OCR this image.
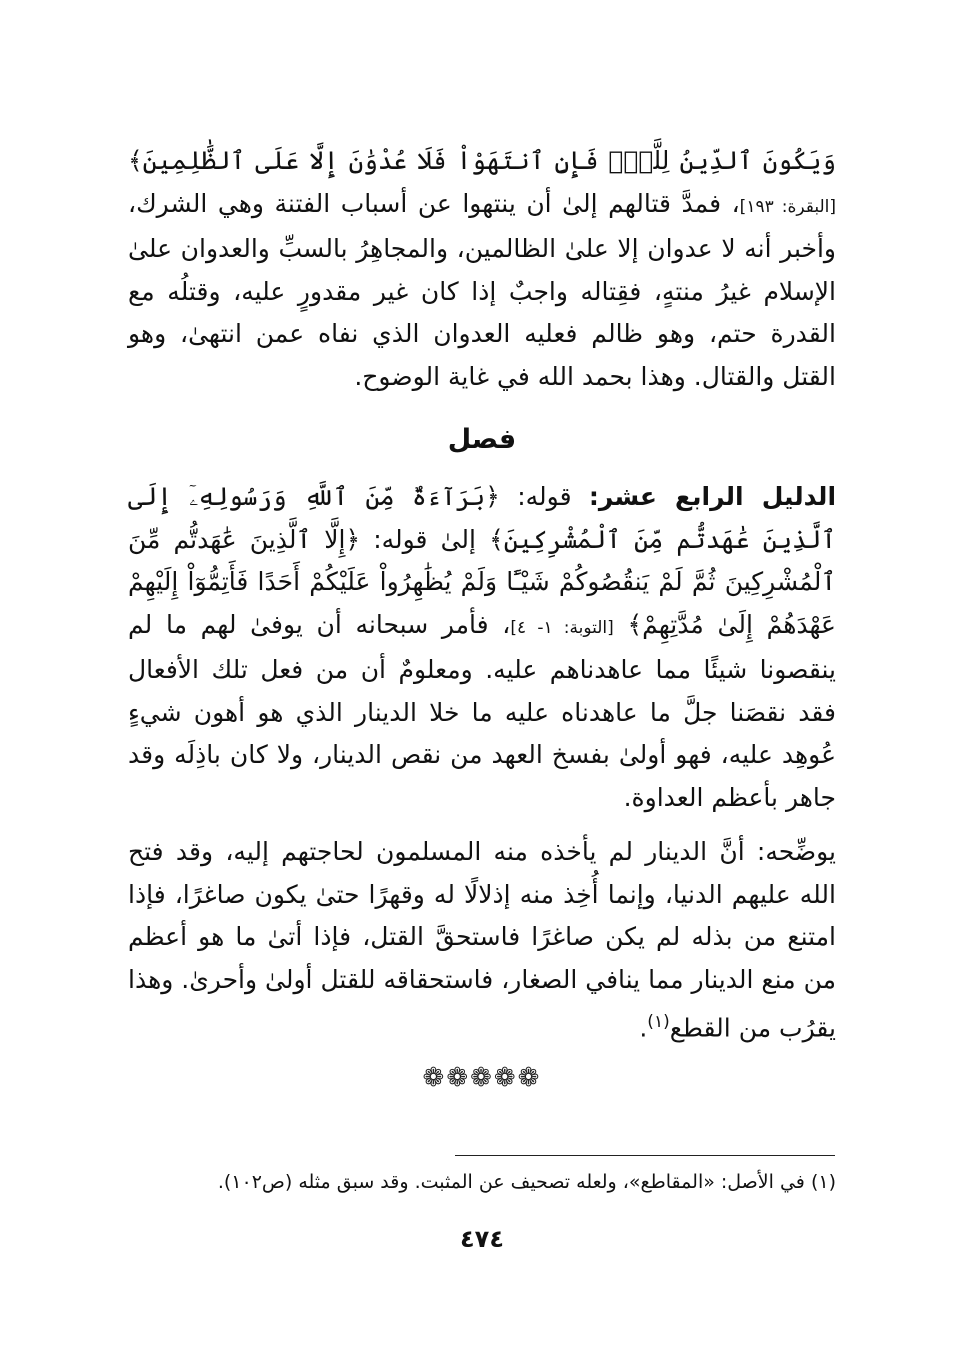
وَيَكُونَ ٱلدِّينُ لِلَّهِۖ فَإِنِ ٱنتَهَوْاْ فَلَا عُدْوَٰنَ إِلَّا عَلَى ٱلظَّٰلِمِينَ﴾ [البقرة: ١٩٣]، فمدَّ قتالهم إلىٰ أن ينتهوا عن أسباب الفتنة وهي الشرك، وأخبر أنه لا عدوان إلا علىٰ الظالمين، والمجاهِرُ بالسبِّ والعدوان علىٰ الإسلام غيرُ منتهٍ، فقِتاله واجبٌ إذا كان غير مقدورٍ عليه، وقتلُه مع القدرة حتم، وهو ظالم فعليه العدوان الذي نفاه عمن انتهىٰ، وهو القتل والقتال. وهذا بحمد الله في غاية الوضوح.

فصل

الدليل الرابع عشر: قوله: ﴿بَرَآءَةٌ مِّنَ ٱللَّهِ وَرَسُولِهِۦٓ إِلَى ٱلَّذِينَ عَٰهَدتُّم مِّنَ ٱلْمُشْرِكِينَ﴾ إلىٰ قوله: ﴿إِلَّا ٱلَّذِينَ عَٰهَدتُّم مِّنَ ٱلْمُشْرِكِينَ ثُمَّ لَمْ يَنقُصُوكُمْ شَيْـًٔا وَلَمْ يُظَٰهِرُواْ عَلَيْكُمْ أَحَدًا فَأَتِمُّوٓاْ إِلَيْهِمْ عَهْدَهُمْ إِلَىٰ مُدَّتِهِمْ﴾ [التوبة: ١- ٤]، فأمر سبحانه أن يوفىٰ لهم ما لم ينقصونا شيئًا مما عاهدناهم عليه. ومعلومٌ أن من فعل تلك الأفعال فقد نقصَنا جلَّ ما عاهدناه عليه ما خلا الدينار الذي هو أهون شيءٍ عُوهِد عليه، فهو أولىٰ بفسخ العهد من نقص الدينار، ولا كان باذِلَه وقد جاهر بأعظم العداوة.

يوضِّحه: أنَّ الدينار لم يأخذه منه المسلمون لحاجتهم إليه، وقد فتح الله عليهم الدنيا، وإنما أُخِذ منه إذلالًا له وقهرًا حتىٰ يكون صاغرًا، فإذا امتنع من بذله لم يكن صاغرًا فاستحقَّ القتل، فإذا أتىٰ ما هو أعظم من منع الدينار مما ينافي الصغار، فاستحقاقه للقتل أولىٰ وأحرىٰ. وهذا يقرُب من القطع$^{(١)}$.

❁❁❁❁❁
(١) في الأصل: «المقاطع»، ولعله تصحيف عن المثبت. وقد سبق مثله (ص١٠٢).
٤٧٤
